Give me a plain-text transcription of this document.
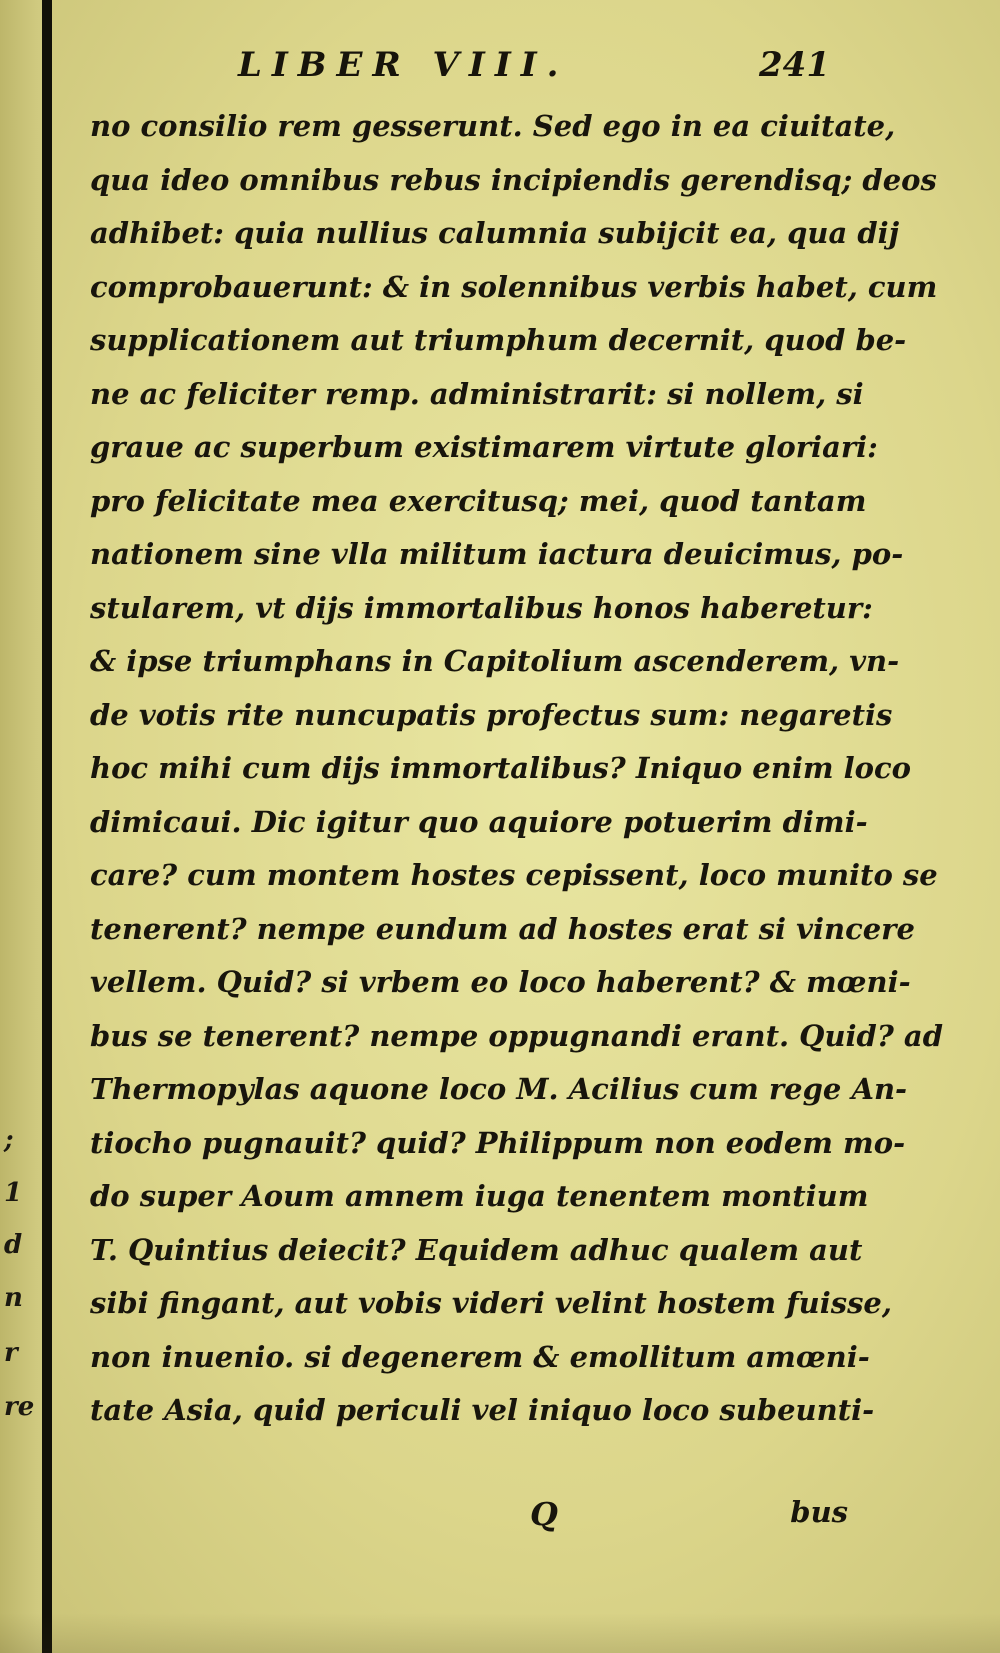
;
1
d
n
r
re
LIBER VIII.	241
no consilio rem gesserunt. Sed ego in ea ciuitate,
qua ideo omnibus rebus incipiendis gerendisq; deos
adhibet: quia nullius calumnia subijcit ea, qua dij
comprobauerunt: & in solennibus verbis habet, cum
supplicationem aut triumphum decernit, quod be-
ne ac feliciter remp. administrarit: si nollem, si
graue ac superbum existimarem virtute gloriari:
pro felicitate mea exercitusq; mei, quod tantam
nationem sine vlla militum iactura deuicimus, po-
stularem, vt dijs immortalibus honos haberetur:
& ipse triumphans in Capitolium ascenderem, vn-
de votis rite nuncupatis profectus sum: negaretis
hoc mihi cum dijs immortalibus? Iniquo enim loco
dimicaui. Dic igitur quo aquiore potuerim dimi-
care? cum montem hostes cepissent, loco munito se
tenerent? nempe eundum ad hostes erat si vincere
vellem. Quid? si vrbem eo loco haberent? & mœni-
bus se tenerent? nempe oppugnandi erant. Quid? ad
Thermopylas aquone loco M. Acilius cum rege An-
tiocho pugnauit? quid? Philippum non eodem mo-
do super Aoum amnem iuga tenentem montium
T. Quintius deiecit? Equidem adhuc qualem aut
sibi fingant, aut vobis videri velint hostem fuisse,
non inuenio. si degenerem & emollitum amœni-
tate Asia, quid periculi vel iniquo loco subeunti-
Q	bus
